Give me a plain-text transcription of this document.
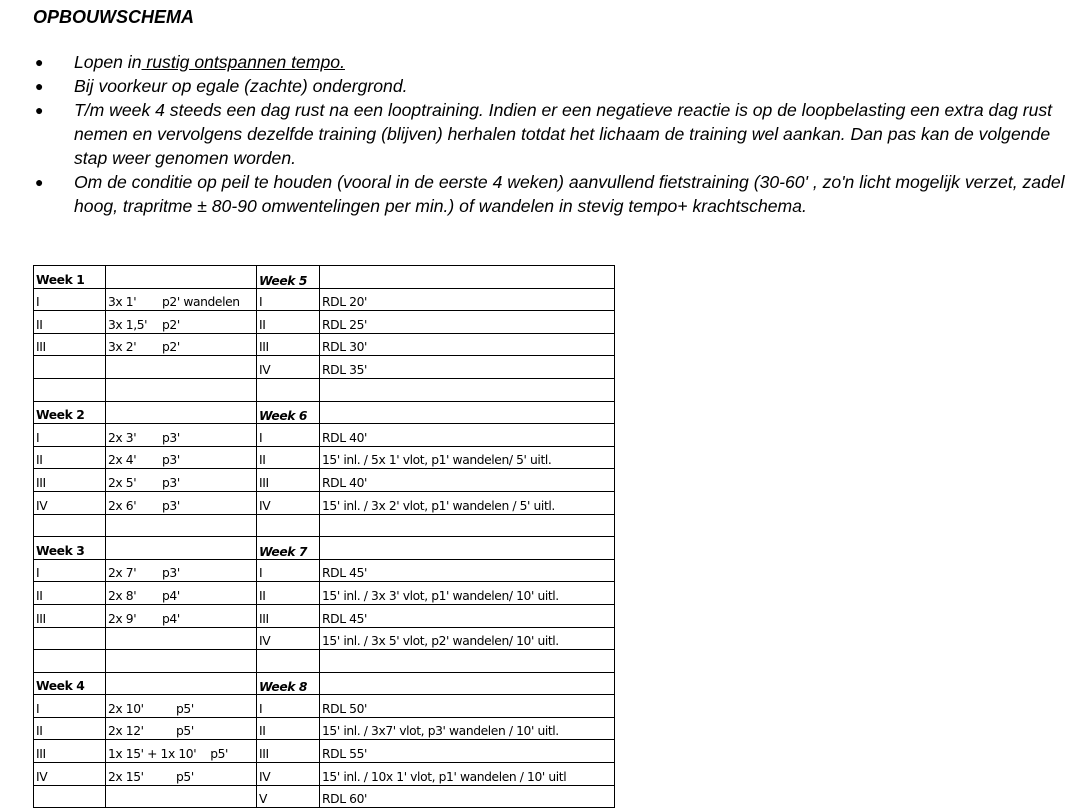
OPBOUWSCHEMA
● Lopen in rustig ontspannen tempo.
● Bij voorkeur op egale (zachte) ondergrond.
● T/m week 4 steeds een dag rust na een looptraining. Indien er een negatieve reactie is op de loopbelasting een extra dag rust nemen en vervolgens dezelfde training (blijven) herhalen totdat het lichaam de training wel aankan. Dan pas kan de volgende stap weer genomen worden.
● Om de conditie op peil te houden (vooral in de eerste 4 weken) aanvullend fietstraining (30-60' , zo'n licht mogelijk verzet, zadel hoog, trapritme ± 80-90 omwentelingen per min.) of wandelen in stevig tempo+ krachtschema.
Week 1		Week 5	
I	3x 1' p2' wandelen	I	RDL 20'
II	3x 1,5' p2'	II	RDL 25'
III	3x 2' p2'	III	RDL 30'
		IV	RDL 35'

Week 2		Week 6	
I	2x 3' p3'	I	RDL 40'
II	2x 4' p3'	II	15' inl. / 5x 1' vlot, p1' wandelen/ 5' uitl.
III	2x 5' p3'	III	RDL 40'
IV	2x 6' p3'	IV	15' inl. / 3x 2' vlot, p1' wandelen / 5' uitl.

Week 3		Week 7	
I	2x 7' p3'	I	RDL 45'
II	2x 8' p4'	II	15' inl. / 3x 3' vlot, p1' wandelen/ 10' uitl.
III	2x 9' p4'	III	RDL 45'
		IV	15' inl. / 3x 5' vlot, p2' wandelen/ 10' uitl.

Week 4		Week 8	
I	2x 10' p5'	I	RDL 50'
II	2x 12' p5'	II	15' inl. / 3x7' vlot, p3' wandelen / 10' uitl.
III	1x 15' + 1x 10' p5'	III	RDL 55'
IV	2x 15' p5'	IV	15' inl. / 10x 1' vlot, p1' wandelen / 10' uitl
		V	RDL 60'
